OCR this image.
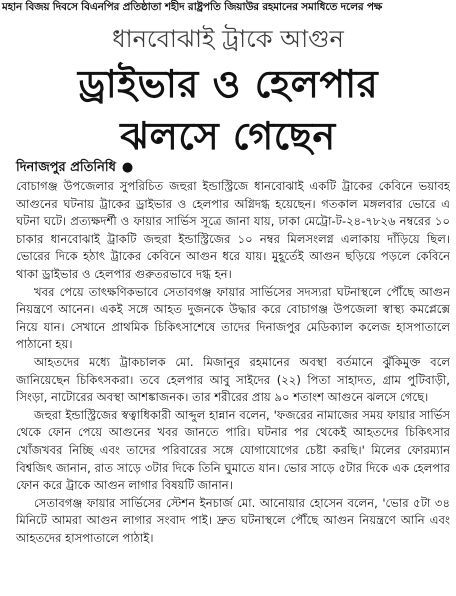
মহান বিজয় দিবসে বিএনপির প্রতিষ্ঠাতা শহীদ রাষ্ট্রপতি জিয়াউর রহমানের সমাধিতে দলের পক্ষ
ধানবোঝাই ট্রাকে আগুন
ড্রাইভার ও হেলপার
ঝলসে গেছেন
দিনাজপুর প্রতিনিধি ●

বোচাগঞ্জ উপজেলার সুপরিচিত জহুরা ইন্ডাস্ট্রিজে ধানবোঝাই একটি ট্রাকের কেবিনে ভয়াবহ আগুনের ঘটনায় ট্রাকের ড্রাইভার ও হেলপার অগ্নিদগ্ধ হয়েছেন। গতকাল মঙ্গলবার ভোরে এ ঘটনা ঘটে। প্রত্যক্ষদর্শী ও ফায়ার সার্ভিস সূত্রে জানা যায়, ঢাকা মেট্রো-ট-২৪-৭৮২৬ নম্বরের ১০ চাকার ধানবোঝাই ট্রাকটি জহুরা ইন্ডাস্ট্রিজের ১০ নম্বর মিলসংলগ্ন এলাকায় দাঁড়িয়ে ছিল। ভোরের দিকে হঠাৎ ট্রাকের কেবিনে আগুন ধরে যায়। মুহূর্তেই আগুন ছড়িয়ে পড়লে কেবিনে থাকা ড্রাইভার ও হেলপার গুরুতরভাবে দগ্ধ হন।

খবর পেয়ে তাৎক্ষণিকভাবে সেতাবগঞ্জ ফায়ার সার্ভিসের সদস্যরা ঘটনাস্থলে পৌঁছে আগুন নিয়ন্ত্রণে আনেন। একই সঙ্গে আহত দুজনকে উদ্ধার করে বোচাগঞ্জ উপজেলা স্বাস্থ্য কমপ্লেক্সে নিয়ে যান। সেখানে প্রাথমিক চিকিৎসাশেষে তাদের দিনাজপুর মেডিক্যাল কলেজ হাসপাতালে পাঠানো হয়।

আহতদের মধ্যে ট্রাকচালক মো. মিজানুর রহমানের অবস্থা বর্তমানে ঝুঁকিমুক্ত বলে জানিয়েছেন চিকিৎসকরা। তবে হেলপার আবু সাইদের (২২) পিতা সাহাদত, গ্রাম পুটিবাড়ী, সিংড়া, নাটোরের অবস্থা আশঙ্কাজনক। তার শরীরের প্রায় ৯০ শতাংশ আগুনে ঝলসে গেছে।

জহুরা ইন্ডাস্ট্রিজের স্বত্বাধিকারী আব্দুল হান্নান বলেন, 'ফজরের নামাজের সময় ফায়ার সার্ভিস থেকে ফোন পেয়ে আগুনের খবর জানতে পারি। ঘটনার পর থেকেই আহতদের চিকিৎসার খোঁজখবর নিচ্ছি এবং তাদের পরিবারের সঙ্গে যোগাযোগের চেষ্টা করছি।' মিলের ফোরম্যান বিশ্বজিৎ জানান, রাত সাড়ে ৩টার দিকে তিনি ঘুমাতে যান। ভোর সাড়ে ৫টার দিকে এক হেলপার ফোন করে ট্রাকে আগুন লাগার বিষয়টি জানান।

সেতাবগঞ্জ ফায়ার সার্ভিসের স্টেশন ইনচার্জ মো. আনোয়ার হোসেন বলেন, 'ভোর ৫টা ৩৪ মিনিটে আমরা আগুন লাগার সংবাদ পাই। দ্রুত ঘটনাস্থলে পৌঁছে আগুন নিয়ন্ত্রণে আনি এবং আহতদের হাসপাতালে পাঠাই।
